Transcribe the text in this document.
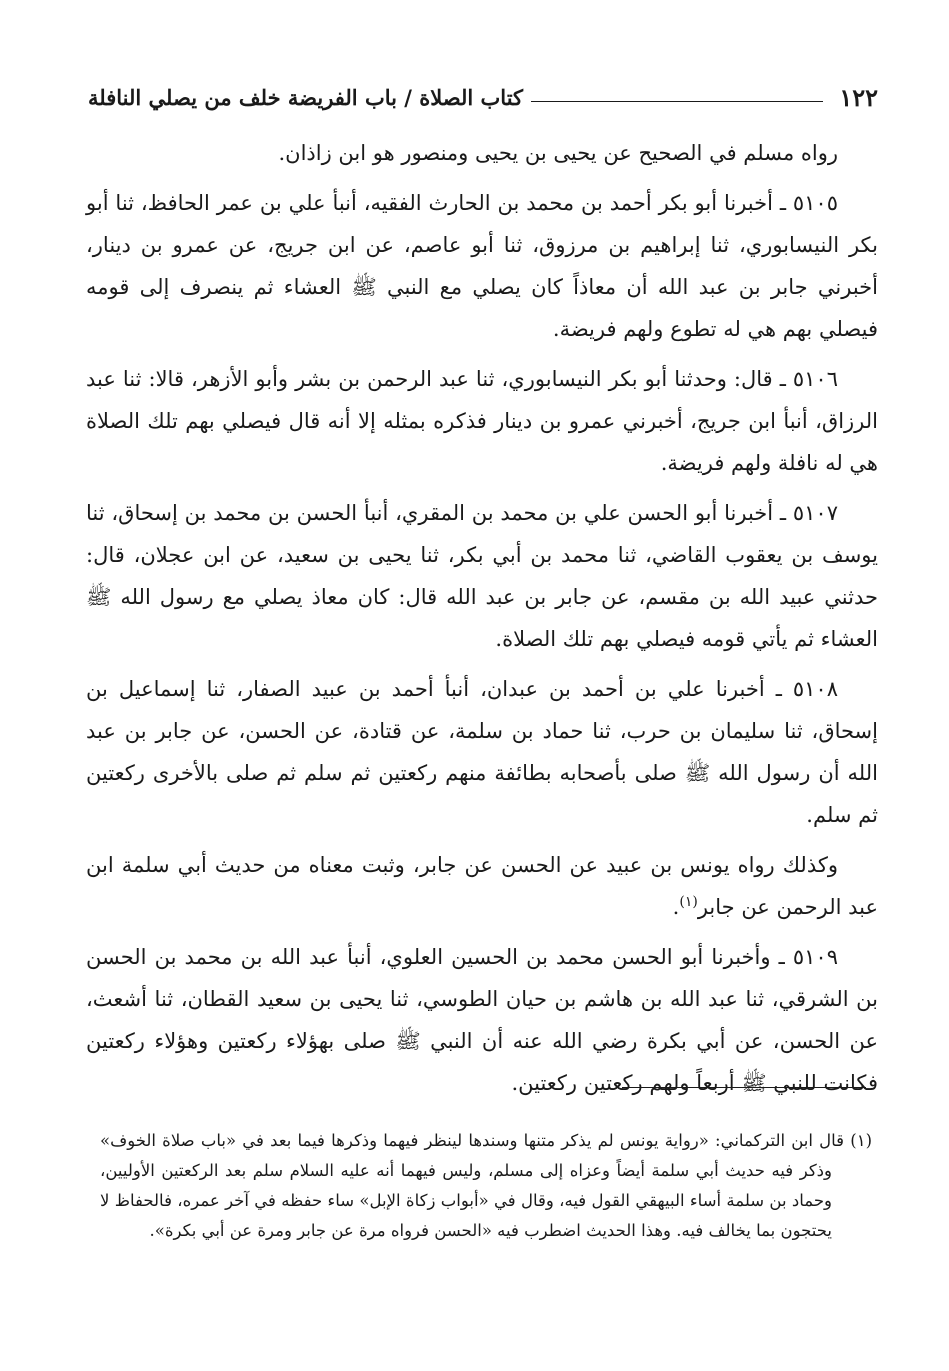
١٢٢
كتاب الصلاة / باب الفريضة خلف من يصلي النافلة

رواه مسلم في الصحيح عن يحيى بن يحيى ومنصور هو ابن زاذان.

٥١٠٥ ـ أخبرنا أبو بكر أحمد بن محمد بن الحارث الفقيه، أنبأ علي بن عمر الحافظ، ثنا أبو بكر النيسابوري، ثنا إبراهيم بن مرزوق، ثنا أبو عاصم، عن ابن جريج، عن عمرو بن دينار، أخبرني جابر بن عبد الله أن معاذاً كان يصلي مع النبي ﷺ العشاء ثم ينصرف إلى قومه فيصلي بهم هي له تطوع ولهم فريضة.

٥١٠٦ ـ قال: وحدثنا أبو بكر النيسابوري، ثنا عبد الرحمن بن بشر وأبو الأزهر، قالا: ثنا عبد الرزاق، أنبأ ابن جريج، أخبرني عمرو بن دينار فذكره بمثله إلا أنه قال فيصلي بهم تلك الصلاة هي له نافلة ولهم فريضة.

٥١٠٧ ـ أخبرنا أبو الحسن علي بن محمد بن المقري، أنبأ الحسن بن محمد بن إسحاق، ثنا يوسف بن يعقوب القاضي، ثنا محمد بن أبي بكر، ثنا يحيى بن سعيد، عن ابن عجلان، قال: حدثني عبيد الله بن مقسم، عن جابر بن عبد الله قال: كان معاذ يصلي مع رسول الله ﷺ العشاء ثم يأتي قومه فيصلي بهم تلك الصلاة.

٥١٠٨ ـ أخبرنا علي بن أحمد بن عبدان، أنبأ أحمد بن عبيد الصفار، ثنا إسماعيل بن إسحاق، ثنا سليمان بن حرب، ثنا حماد بن سلمة، عن قتادة، عن الحسن، عن جابر بن عبد الله أن رسول الله ﷺ صلى بأصحابه بطائفة منهم ركعتين ثم سلم ثم صلى بالأخرى ركعتين ثم سلم.

وكذلك رواه يونس بن عبيد عن الحسن عن جابر، وثبت معناه من حديث أبي سلمة ابن عبد الرحمن عن جابر$^{(١)}$.

٥١٠٩ ـ وأخبرنا أبو الحسن محمد بن الحسين العلوي، أنبأ عبد الله بن محمد بن الحسن بن الشرقي، ثنا عبد الله بن هاشم بن حيان الطوسي، ثنا يحيى بن سعيد القطان، ثنا أشعث، عن الحسن، عن أبي بكرة رضي الله عنه أن النبي ﷺ صلى بهؤلاء ركعتين وهؤلاء ركعتين فكانت للنبي ﷺ أربعاً ولهم ركعتين ركعتين.

(١) قال ابن التركماني: «رواية يونس لم يذكر متنها وسندها لينظر فيهما وذكرها فيما بعد في «باب صلاة الخوف» وذكر فيه حديث أبي سلمة أيضاً وعزاه إلى مسلم، وليس فيهما أنه عليه السلام سلم بعد الركعتين الأوليين، وحماد بن سلمة أساء البيهقي القول فيه، وقال في «أبواب زكاة الإبل» ساء حفظه في آخر عمره، فالحفاظ لا يحتجون بما يخالف فيه. وهذا الحديث اضطرب فيه «الحسن فرواه مرة عن جابر ومرة عن أبي بكرة».
